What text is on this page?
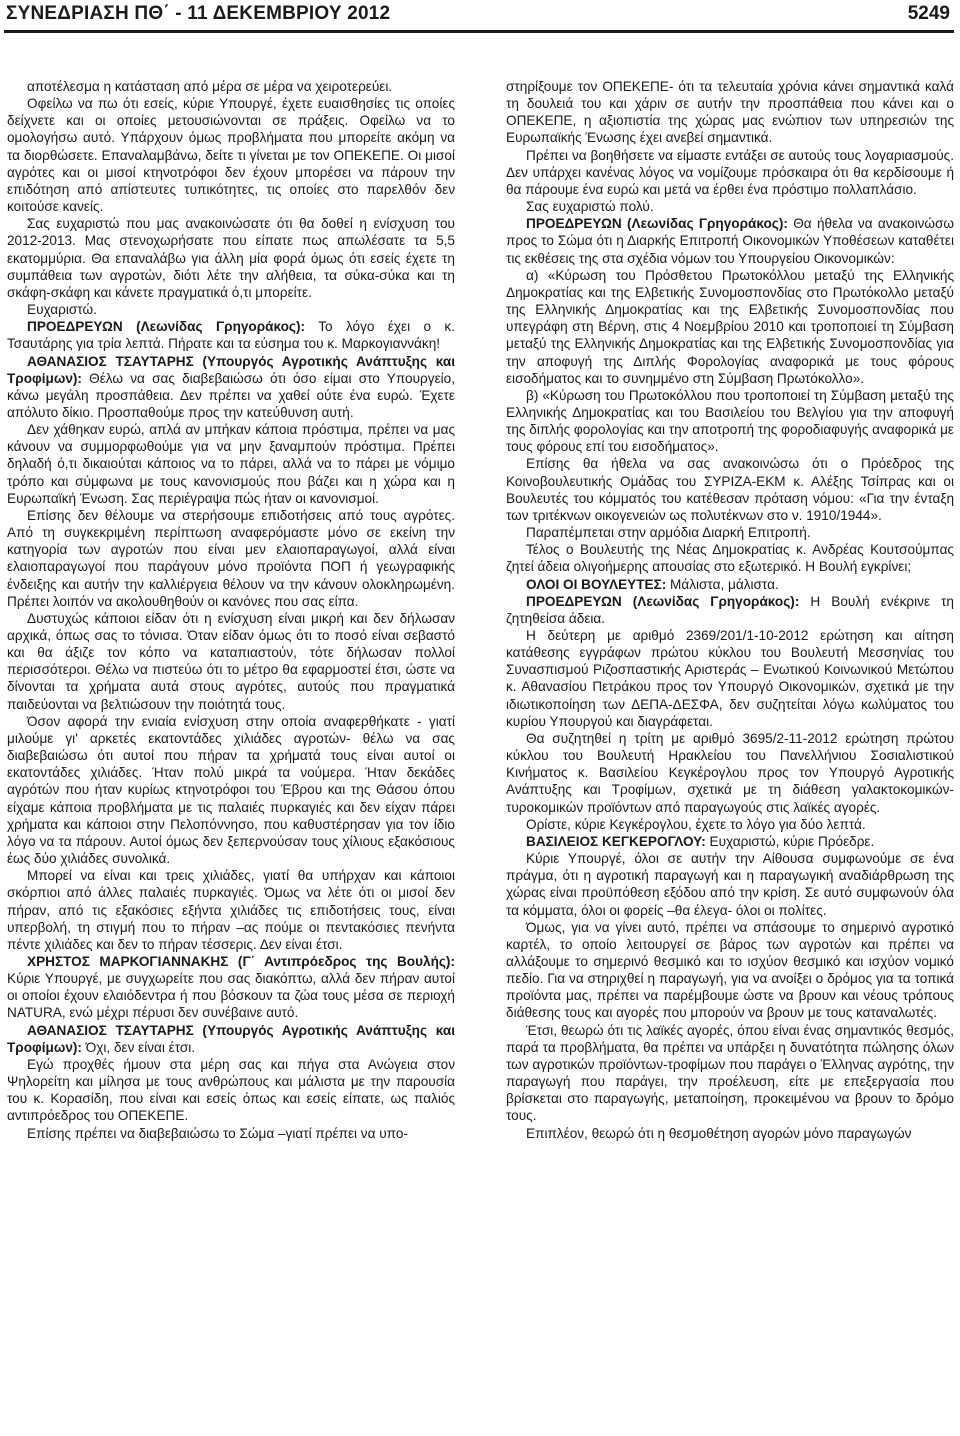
ΣΥΝΕΔΡΙΑΣΗ ΠΘ΄ - 11 ΔΕΚΕΜΒΡΙΟΥ 2012	5249

αποτέλεσμα η κατάσταση από μέρα σε μέρα να χειροτερεύει.

Οφείλω να πω ότι εσείς, κύριε Υπουργέ, έχετε ευαισθησίες τις οποίες δείχνετε και οι οποίες μετουσιώνονται σε πράξεις. Οφείλω να το ομολογήσω αυτό. Υπάρχουν όμως προβλήματα που μπορείτε ακόμη να τα διορθώσετε. Επαναλαμβάνω, δείτε τι γίνεται με τον ΟΠΕΚΕΠΕ. Οι μισοί αγρότες και οι μισοί κτηνοτρόφοι δεν έχουν μπορέσει να πάρουν την επιδότηση από απίστευτες τυπικότητες, τις οποίες στο παρελθόν δεν κοιτούσε κανείς.

Σας ευχαριστώ που μας ανακοινώσατε ότι θα δοθεί η ενίσχυση του 2012-2013. Μας στενοχωρήσατε που είπατε πως απωλέσατε τα 5,5 εκατομμύρια. Θα επαναλάβω για άλλη μία φορά όμως ότι εσείς έχετε τη συμπάθεια των αγροτών, διότι λέτε την αλήθεια, τα σύκα-σύκα και τη σκάφη-σκάφη και κάνετε πραγματικά ό,τι μπορείτε.

Ευχαριστώ.

ΠΡΟΕΔΡΕΥΩΝ (Λεωνίδας Γρηγοράκος): Το λόγο έχει ο κ. Τσαυτάρης για τρία λεπτά. Πήρατε και τα εύσημα του κ. Μαρκογιαννάκη!

ΑΘΑΝΑΣΙΟΣ ΤΣΑΥΤΑΡΗΣ (Υπουργός Αγροτικής Ανάπτυξης και Τροφίμων): Θέλω να σας διαβεβαιώσω ότι όσο είμαι στο Υπουργείο, κάνω μεγάλη προσπάθεια. Δεν πρέπει να χαθεί ούτε ένα ευρώ. Έχετε απόλυτο δίκιο. Προσπαθούμε προς την κατεύθυνση αυτή.

Δεν χάθηκαν ευρώ, απλά αν μπήκαν κάποια πρόστιμα, πρέπει να μας κάνουν να συμμορφωθούμε για να μην ξαναμπούν πρόστιμα. Πρέπει δηλαδή ό,τι δικαιούται κάποιος να το πάρει, αλλά να το πάρει με νόμιμο τρόπο και σύμφωνα με τους κανονισμούς που βάζει και η χώρα και η Ευρωπαϊκή Ένωση. Σας περιέγραψα πώς ήταν οι κανονισμοί.

Επίσης δεν θέλουμε να στερήσουμε επιδοτήσεις από τους αγρότες. Από τη συγκεκριμένη περίπτωση αναφερόμαστε μόνο σε εκείνη την κατηγορία των αγροτών που είναι μεν ελαιοπαραγωγοί, αλλά είναι ελαιοπαραγωγοί που παράγουν μόνο προϊόντα ΠΟΠ ή γεωγραφικής ένδειξης και αυτήν την καλλιέργεια θέλουν να την κάνουν ολοκληρωμένη. Πρέπει λοιπόν να ακολουθηθούν οι κανόνες που σας είπα.

Δυστυχώς κάποιοι είδαν ότι η ενίσχυση είναι μικρή και δεν δήλωσαν αρχικά, όπως σας το τόνισα. Όταν είδαν όμως ότι το ποσό είναι σεβαστό και θα άξιζε τον κόπο να καταπιαστούν, τότε δήλωσαν πολλοί περισσότεροι. Θέλω να πιστεύω ότι το μέτρο θα εφαρμοστεί έτσι, ώστε να δίνονται τα χρήματα αυτά στους αγρότες, αυτούς που πραγματικά παιδεύονται να βελτιώσουν την ποιότητά τους.

Όσον αφορά την ενιαία ενίσχυση στην οποία αναφερθήκατε - γιατί μιλούμε γι' αρκετές εκατοντάδες χιλιάδες αγροτών- θέλω να σας διαβεβαιώσω ότι αυτοί που πήραν τα χρήματά τους είναι αυτοί οι εκατοντάδες χιλιάδες. Ήταν πολύ μικρά τα νούμερα. Ήταν δεκάδες αγρότών που ήταν κυρίως κτηνοτρόφοι του Έβρου και της Θάσου όπου είχαμε κάποια προβλήματα με τις παλαιές πυρκαγιές και δεν είχαν πάρει χρήματα και κάποιοι στην Πελοπόννησο, που καθυστέρησαν για τον ίδιο λόγο να τα πάρουν. Αυτοί όμως δεν ξεπερνούσαν τους χίλιους εξακόσιους έως δύο χιλιάδες συνολικά.

Μπορεί να είναι και τρεις χιλιάδες, γιατί θα υπήρχαν και κάποιοι σκόρπιοι από άλλες παλαιές πυρκαγιές. Όμως να λέτε ότι οι μισοί δεν πήραν, από τις εξακόσιες εξήντα χιλιάδες τις επιδοτήσεις τους, είναι υπερβολή, τη στιγμή που το πήραν –ας πούμε οι πεντακόσιες πενήντα πέντε χιλιάδες και δεν το πήραν τέσσερις. Δεν είναι έτσι.

ΧΡΗΣΤΟΣ ΜΑΡΚΟΓΙΑΝΝΑΚΗΣ (Γ΄ Αντιπρόεδρος της Βουλής): Κύριε Υπουργέ, με συγχωρείτε που σας διακόπτω, αλλά δεν πήραν αυτοί οι οποίοι έχουν ελαιόδεντρα ή που βόσκουν τα ζώα τους μέσα σε περιοχή NATURA, ενώ μέχρι πέρυσι δεν συνέβαινε αυτό.

ΑΘΑΝΑΣΙΟΣ ΤΣΑΥΤΑΡΗΣ (Υπουργός Αγροτικής Ανάπτυξης και Τροφίμων): Όχι, δεν είναι έτσι.

Εγώ προχθές ήμουν στα μέρη σας και πήγα στα Ανώγεια στον Ψηλορείτη και μίλησα με τους ανθρώπους και μάλιστα με την παρουσία του κ. Κορασίδη, που είναι και εσείς όπως και εσείς είπατε, ως παλιός αντιπρόεδρος του ΟΠΕΚΕΠΕ.

Επίσης πρέπει να διαβεβαιώσω το Σώμα –γιατί πρέπει να υπο-

στηρίξουμε τον ΟΠΕΚΕΠΕ- ότι τα τελευταία χρόνια κάνει σημαντικά καλά τη δουλειά του και χάριν σε αυτήν την προσπάθεια που κάνει και ο ΟΠΕΚΕΠΕ, η αξιοπιστία της χώρας μας ενώπιον των υπηρεσιών της Ευρωπαϊκής Ένωσης έχει ανεβεί σημαντικά.

Πρέπει να βοηθήσετε να είμαστε εντάξει σε αυτούς τους λογαριασμούς. Δεν υπάρχει κανένας λόγος να νομίζουμε πρόσκαιρα ότι θα κερδίσουμε ή θα πάρουμε ένα ευρώ και μετά να έρθει ένα πρόστιμο πολλαπλάσιο.

Σας ευχαριστώ πολύ.

ΠΡΟΕΔΡΕΥΩΝ (Λεωνίδας Γρηγοράκος): Θα ήθελα να ανακοινώσω προς το Σώμα ότι η Διαρκής Επιτροπή Οικονομικών Υποθέσεων καταθέτει τις εκθέσεις της στα σχέδια νόμων του Υπουργείου Οικονομικών:

α) «Κύρωση του Πρόσθετου Πρωτοκόλλου μεταξύ της Ελληνικής Δημοκρατίας και της Ελβετικής Συνομοσπονδίας στο Πρωτόκολλο μεταξύ της Ελληνικής Δημοκρατίας και της Ελβετικής Συνομοσπονδίας που υπεγράφη στη Βέρνη, στις 4 Νοεμβρίου 2010 και τροποποιεί τη Σύμβαση μεταξύ της Ελληνικής Δημοκρατίας και της Ελβετικής Συνομοσπονδίας για την αποφυγή της Διπλής Φορολογίας αναφορικά με τους φόρους εισοδήματος και το συνημμένο στη Σύμβαση Πρωτόκολλο».

β) «Κύρωση του Πρωτοκόλλου που τροποποιεί τη Σύμβαση μεταξύ της Ελληνικής Δημοκρατίας και του Βασιλείου του Βελγίου για την αποφυγή της διπλής φορολογίας και την αποτροπή της φοροδιαφυγής αναφορικά με τους φόρους επί του εισοδήματος».

Επίσης θα ήθελα να σας ανακοινώσω ότι ο Πρόεδρος της Κοινοβουλευτικής Ομάδας του ΣΥΡΙΖΑ-ΕΚΜ κ. Αλέξης Τσίπρας και οι Βουλευτές του κόμματός του κατέθεσαν πρόταση νόμου: «Για την ένταξη των τριτέκνων οικογενειών ως πολυτέκνων στο ν. 1910/1944».

Παραπέμπεται στην αρμόδια Διαρκή Επιτροπή.

Τέλος ο Βουλευτής της Νέας Δημοκρατίας κ. Ανδρέας Κουτσούμπας ζητεί άδεια ολιγοήμερης απουσίας στο εξωτερικό. Η Βουλή εγκρίνει;

ΟΛΟΙ ΟΙ ΒΟΥΛΕΥΤΕΣ: Μάλιστα, μάλιστα.

ΠΡΟΕΔΡΕΥΩΝ (Λεωνίδας Γρηγοράκος): Η Βουλή ενέκρινε τη ζητηθείσα άδεια.

Η δεύτερη με αριθμό 2369/201/1-10-2012 ερώτηση και αίτηση κατάθεσης εγγράφων πρώτου κύκλου του Βουλευτή Μεσσηνίας του Συνασπισμού Ριζοσπαστικής Αριστεράς – Ενωτικού Κοινωνικού Μετώπου κ. Αθανασίου Πετράκου προς τον Υπουργό Οικονομικών, σχετικά με την ιδιωτικοποίηση των ΔΕΠΑ-ΔΕΣΦΑ, δεν συζητείται λόγω κωλύματος του κυρίου Υπουργού και διαγράφεται.

Θα συζητηθεί η τρίτη με αριθμό 3695/2-11-2012 ερώτηση πρώτου κύκλου του Βουλευτή Ηρακλείου του Πανελλήνιου Σοσιαλιστικού Κινήματος κ. Βασιλείου Κεγκέρογλου προς τον Υπουργό Αγροτικής Ανάπτυξης και Τροφίμων, σχετικά με τη διάθεση γαλακτοκομικών-τυροκομικών προϊόντων από παραγωγούς στις λαϊκές αγορές.

Ορίστε, κύριε Κεγκέρογλου, έχετε το λόγο για δύο λεπτά.

ΒΑΣΙΛΕΙΟΣ ΚΕΓΚΕΡΟΓΛΟΥ: Ευχαριστώ, κύριε Πρόεδρε.

Κύριε Υπουργέ, όλοι σε αυτήν την Αίθουσα συμφωνούμε σε ένα πράγμα, ότι η αγροτική παραγωγή και η παραγωγική αναδιάρθρωση της χώρας είναι προϋπόθεση εξόδου από την κρίση. Σε αυτό συμφωνούν όλα τα κόμματα, όλοι οι φορείς –θα έλεγα- όλοι οι πολίτες.

Όμως, για να γίνει αυτό, πρέπει να σπάσουμε το σημερινό αγροτικό καρτέλ, το οποίο λειτουργεί σε βάρος των αγροτών και πρέπει να αλλάξουμε το σημερινό θεσμικό και το ισχύον θεσμικό και ισχύον νομικό πεδίο. Για να στηριχθεί η παραγωγή, για να ανοίξει ο δρόμος για τα τοπικά προϊόντα μας, πρέπει να παρέμβουμε ώστε να βρουν και νέους τρόπους διάθεσης τους και αγορές που μπορούν να βρουν με τους καταναλωτές.

Έτσι, θεωρώ ότι τις λαϊκές αγορές, όπου είναι ένας σημαντικός θεσμός, παρά τα προβλήματα, θα πρέπει να υπάρξει η δυνατότητα πώλησης όλων των αγροτικών προϊόντων-τροφίμων που παράγει ο Έλληνας αγρότης, την παραγωγή που παράγει, την προέλευση, είτε με επεξεργασία που βρίσκεται στο παραγωγής, μεταποίηση, προκειμένου να βρουν το δρόμο τους.

Επιπλέον, θεωρώ ότι η θεσμοθέτηση αγορών μόνο παραγωγών
